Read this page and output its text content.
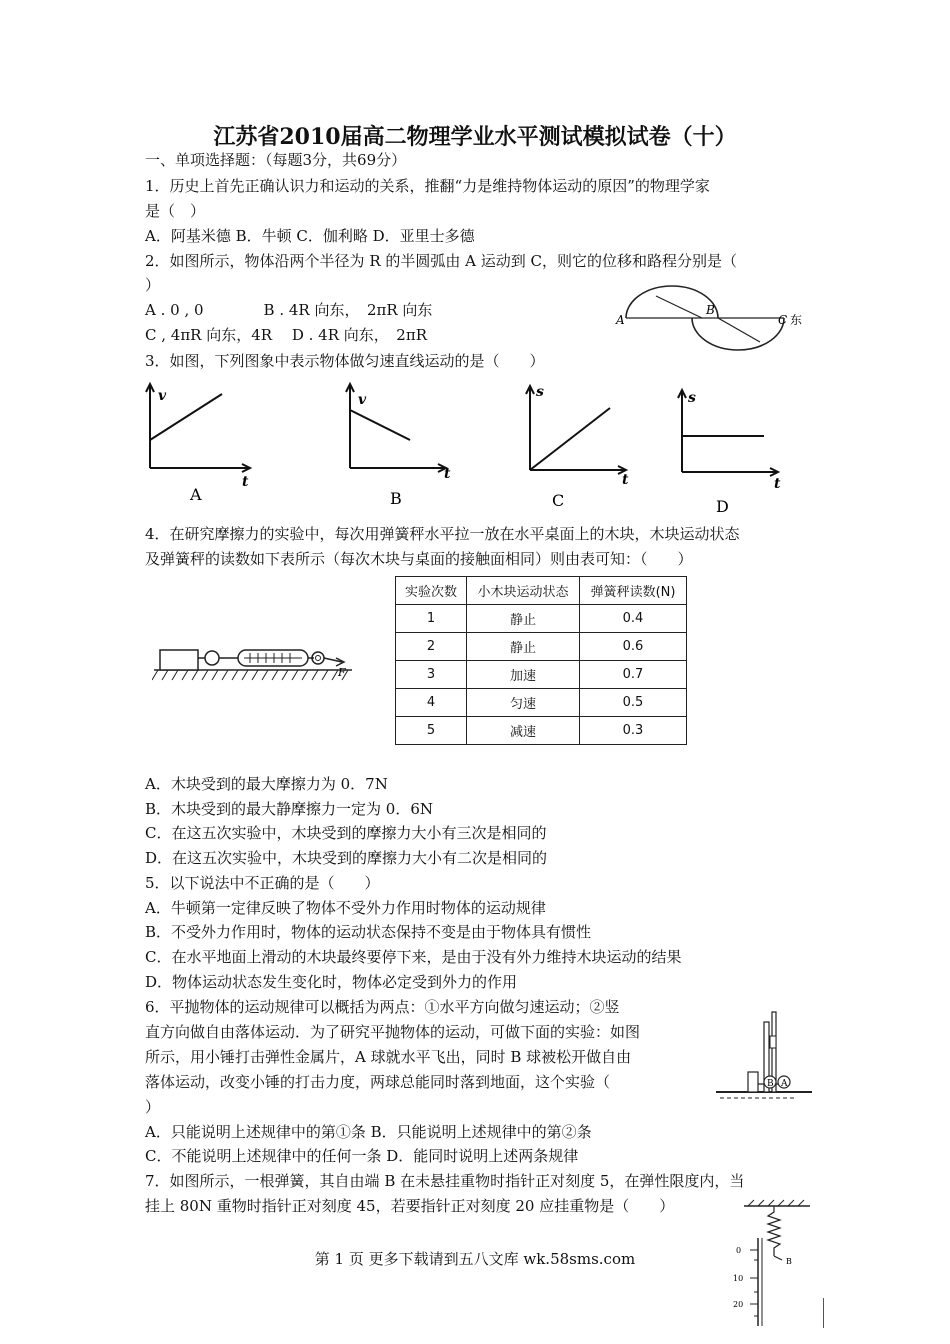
江苏省2010届高二物理学业水平测试模拟试卷（十）
一、单项选择题：（每题3分，共69分）
1．历史上首先正确认识力和运动的关系，推翻“力是维持物体运动的原因”的物理学家
是（　）
A．阿基米德 B．牛顿 C．伽利略 D．亚里士多德
2．如图所示，物体沿两个半径为 R 的半圆弧由 A 运动到 C，则它的位移和路程分别是（
）
A . 0 , 0　　　　B . 4R 向东，　2πR 向东
C , 4πR 向东，4R　 D . 4R 向东，　2πR
A
B
C 东
3．如图，下列图象中表示物体做匀速直线运动的是（　　）
v
t
A
v
t
B
s
t
C
s
t
D
4．在研究摩擦力的实验中，每次用弹簧秤水平拉一放在水平桌面上的木块，木块运动状态
及弹簧秤的读数如下表所示（每次木块与桌面的接触面相同）则由表可知：（　　）
F
实验次数	小木块运动状态	弹簧秤读数(N)
1	静止	0.4
2	静止	0.6
3	加速	0.7
4	匀速	0.5
5	减速	0.3
A．木块受到的最大摩擦力为 0．7N
B．木块受到的最大静摩擦力一定为 0．6N
C．在这五次实验中，木块受到的摩擦力大小有三次是相同的
D．在这五次实验中，木块受到的摩擦力大小有二次是相同的
5．以下说法中不正确的是（　　）
A．牛顿第一定律反映了物体不受外力作用时物体的运动规律
B．不受外力作用时，物体的运动状态保持不变是由于物体具有惯性
C．在水平地面上滑动的木块最终要停下来，是由于没有外力维持木块运动的结果
D．物体运动状态发生变化时，物体必定受到外力的作用
6．平抛物体的运动规律可以概括为两点：①水平方向做匀速运动；②竖
直方向做自由落体运动．为了研究平抛物体的运动，可做下面的实验：如图
所示，用小锤打击弹性金属片，A 球就水平飞出，同时 B 球被松开做自由
落体运动，改变小锤的打击力度，两球总能同时落到地面，这个实验（
）
B A
A．只能说明上述规律中的第①条 B．只能说明上述规律中的第②条
C．不能说明上述规律中的任何一条 D．能同时说明上述两条规律
7．如图所示，一根弹簧，其自由端 B 在未悬挂重物时指针正对刻度 5，在弹性限度内，当
挂上 80N 重物时指针正对刻度 45，若要指针正对刻度 20 应挂重物是（　　）
B
0
10
20
第 1 页 更多下载请到五八文库 wk.58sms.com
